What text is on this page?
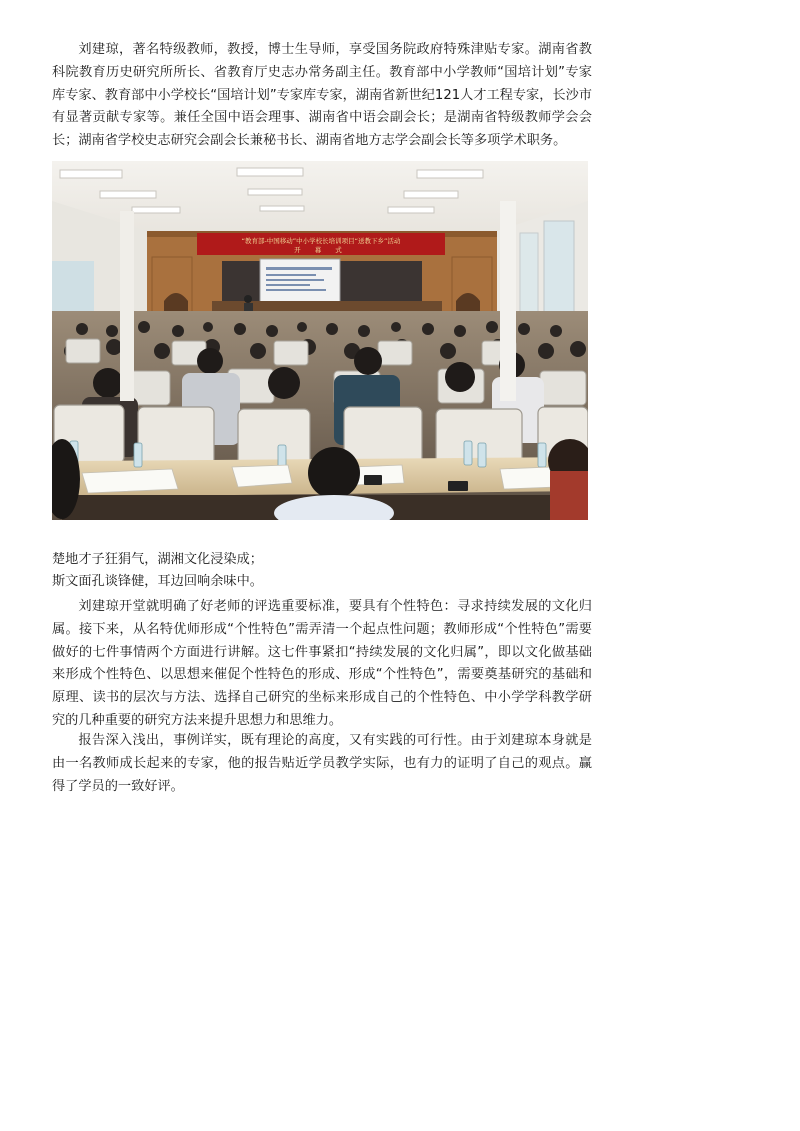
刘建琼，著名特级教师，教授，博士生导师，享受国务院政府特殊津贴专家。湖南省教科院教育历史研究所所长、省教育厅史志办常务副主任。教育部中小学教师“国培计划”专家库专家、教育部中小学校长“国培计划”专家库专家，湖南省新世纪121人才工程专家，长沙市有显著贡献专家等。兼任全国中语会理事、湖南省中语会副会长；是湖南省特级教师学会会长；湖南省学校史志研究会副会长兼秘书长、湖南省地方志学会副会长等多项学术职务。

“教育部-中国移动”中小学校长培训项目“送教下乡”活动
开 幕 式
楚地才子狂狷气，湖湘文化浸染成；
斯文面孔谈锋健，耳边回响余味中。

刘建琼开堂就明确了好老师的评选重要标准，要具有个性特色：寻求持续发展的文化归属。接下来，从名特优师形成“个性特色”需弄清一个起点性问题；教师形成“个性特色”需要做好的七件事情两个方面进行讲解。这七件事紧扣“持续发展的文化归属”，即以文化做基础来形成个性特色、以思想来催促个性特色的形成、形成“个性特色”，需要奠基研究的基础和原理、读书的层次与方法、选择自己研究的坐标来形成自己的个性特色、中小学学科教学研究的几种重要的研究方法来提升思想力和思维力。

报告深入浅出，事例详实，既有理论的高度，又有实践的可行性。由于刘建琼本身就是由一名教师成长起来的专家，他的报告贴近学员教学实际，也有力的证明了自己的观点。赢得了学员的一致好评。
